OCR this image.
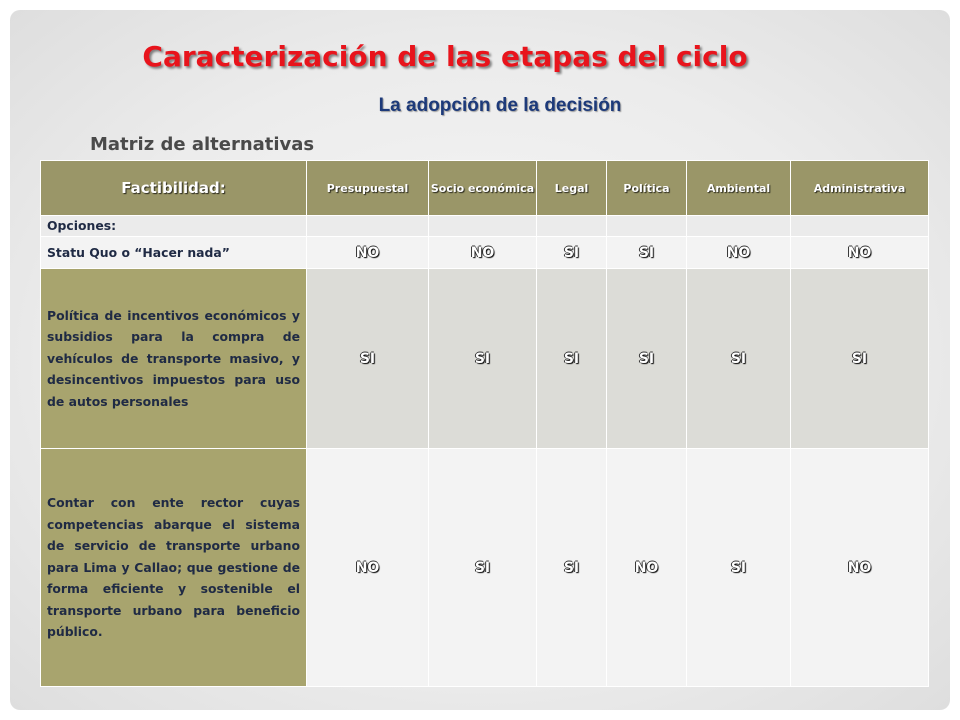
Caracterización de las etapas del ciclo
La adopción de la decisión

Matriz de alternativas

Factibilidad:	Presupuestal	Socio económica	Legal	Política	Ambiental	Administrativa
Opciones:						
Statu Quo o “Hacer nada”	NO	NO	SI	SI	NO	NO
Política de incentivos económicos y subsidios para la compra de vehículos de transporte masivo, y desincentivos impuestos para uso de autos personales	SI	SI	SI	SI	SI	SI
Contar con ente rector cuyas competencias abarque el sistema de servicio de transporte urbano para Lima y Callao; que gestione de forma eficiente y sostenible el transporte urbano para beneficio público.	NO	SI	SI	NO	SI	NO
